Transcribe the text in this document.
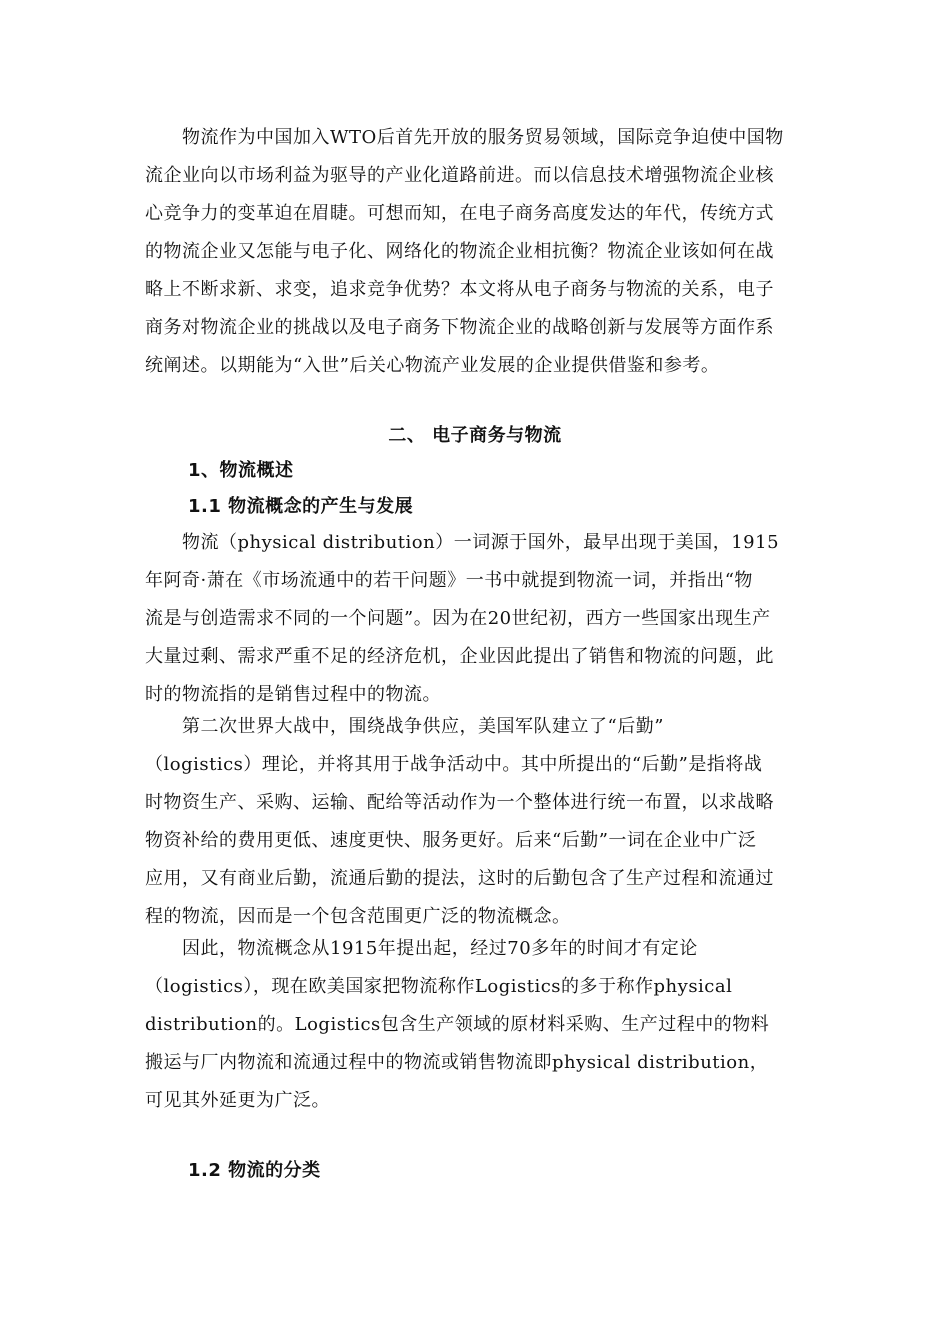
物流作为中国加入WTO后首先开放的服务贸易领域，国际竞争迫使中国物
流企业向以市场利益为驱导的产业化道路前进。而以信息技术增强物流企业核
心竞争力的变革迫在眉睫。可想而知，在电子商务高度发达的年代，传统方式
的物流企业又怎能与电子化、网络化的物流企业相抗衡？物流企业该如何在战
略上不断求新、求变，追求竞争优势？本文将从电子商务与物流的关系，电子
商务对物流企业的挑战以及电子商务下物流企业的战略创新与发展等方面作系
统阐述。以期能为“入世”后关心物流产业发展的企业提供借鉴和参考。
二、 电子商务与物流
1、物流概述
1.1 物流概念的产生与发展
物流（physical distribution）一词源于国外，最早出现于美国，1915
年阿奇·萧在《市场流通中的若干问题》一书中就提到物流一词，并指出“物
流是与创造需求不同的一个问题”。因为在20世纪初，西方一些国家出现生产
大量过剩、需求严重不足的经济危机，企业因此提出了销售和物流的问题，此
时的物流指的是销售过程中的物流。
第二次世界大战中，围绕战争供应，美国军队建立了“后勤”
（logistics）理论，并将其用于战争活动中。其中所提出的“后勤”是指将战
时物资生产、采购、运输、配给等活动作为一个整体进行统一布置，以求战略
物资补给的费用更低、速度更快、服务更好。后来“后勤”一词在企业中广泛
应用，又有商业后勤，流通后勤的提法，这时的后勤包含了生产过程和流通过
程的物流，因而是一个包含范围更广泛的物流概念。
因此，物流概念从1915年提出起，经过70多年的时间才有定论
（logistics），现在欧美国家把物流称作Logistics的多于称作physical
distribution的。Logistics包含生产领域的原材料采购、生产过程中的物料
搬运与厂内物流和流通过程中的物流或销售物流即physical distribution，
可见其外延更为广泛。
1.2 物流的分类
